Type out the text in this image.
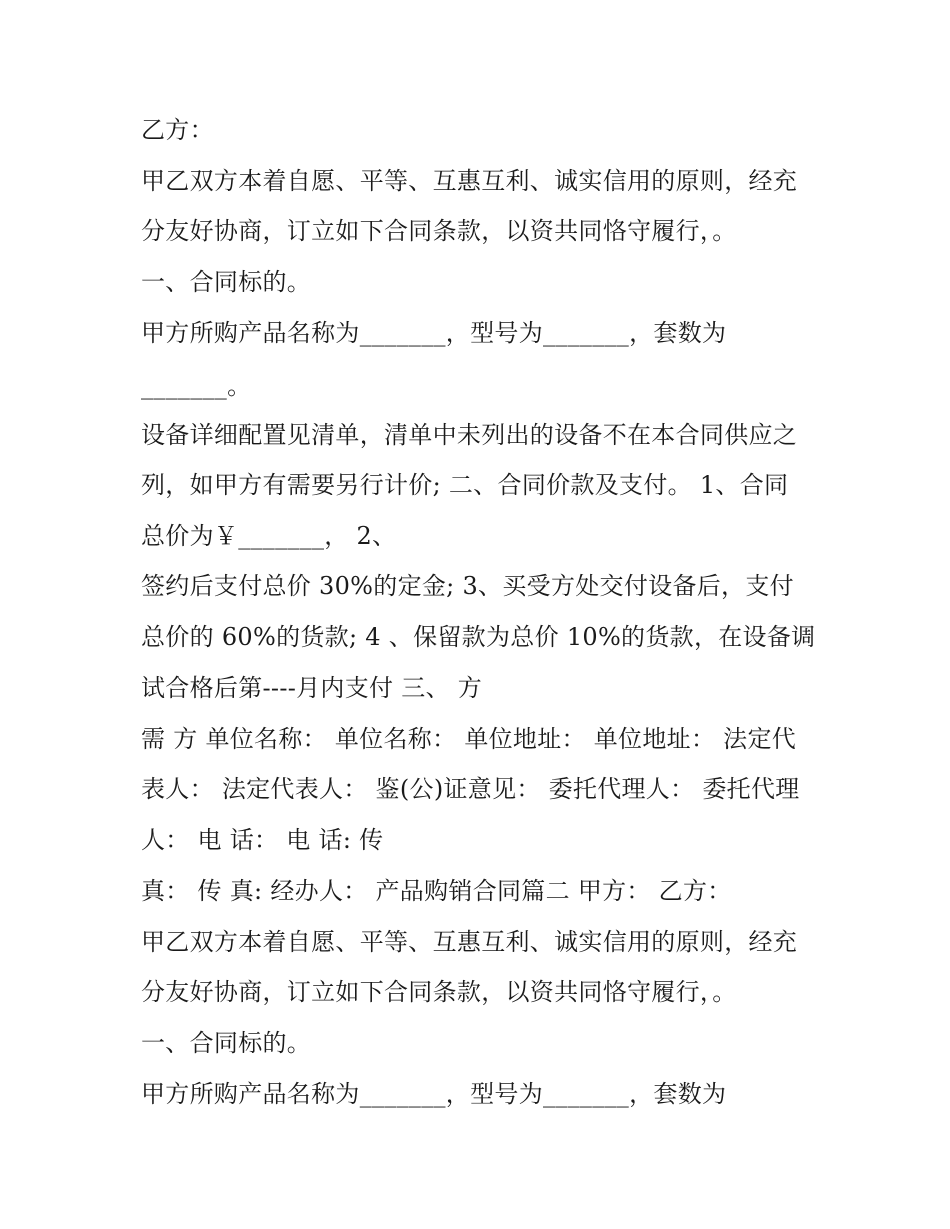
乙方：
甲乙双方本着自愿、平等、互惠互利、诚实信用的原则，经充
分友好协商，订立如下合同条款，以资共同恪守履行，。
一、合同标的。
甲方所购产品名称为_______，型号为_______，套数为
_______。
设备详细配置见清单，清单中未列出的设备不在本合同供应之
列，如甲方有需要另行计价; 二、合同价款及支付。 1、合同
总价为￥_______， 2、
签约后支付总价 30%的定金; 3、买受方处交付设备后，支付
总价的 60%的货款; 4 、保留款为总价 10%的货款，在设备调
试合格后第----月内支付 三、 方
需 方 单位名称： 单位名称： 单位地址： 单位地址： 法定代
表人： 法定代表人： 鉴(公)证意见： 委托代理人： 委托代理
人： 电 话： 电 话: 传
真： 传 真: 经办人： 产品购销合同篇二 甲方： 乙方：
甲乙双方本着自愿、平等、互惠互利、诚实信用的原则，经充
分友好协商，订立如下合同条款，以资共同恪守履行，。
一、合同标的。
甲方所购产品名称为_______，型号为_______，套数为
